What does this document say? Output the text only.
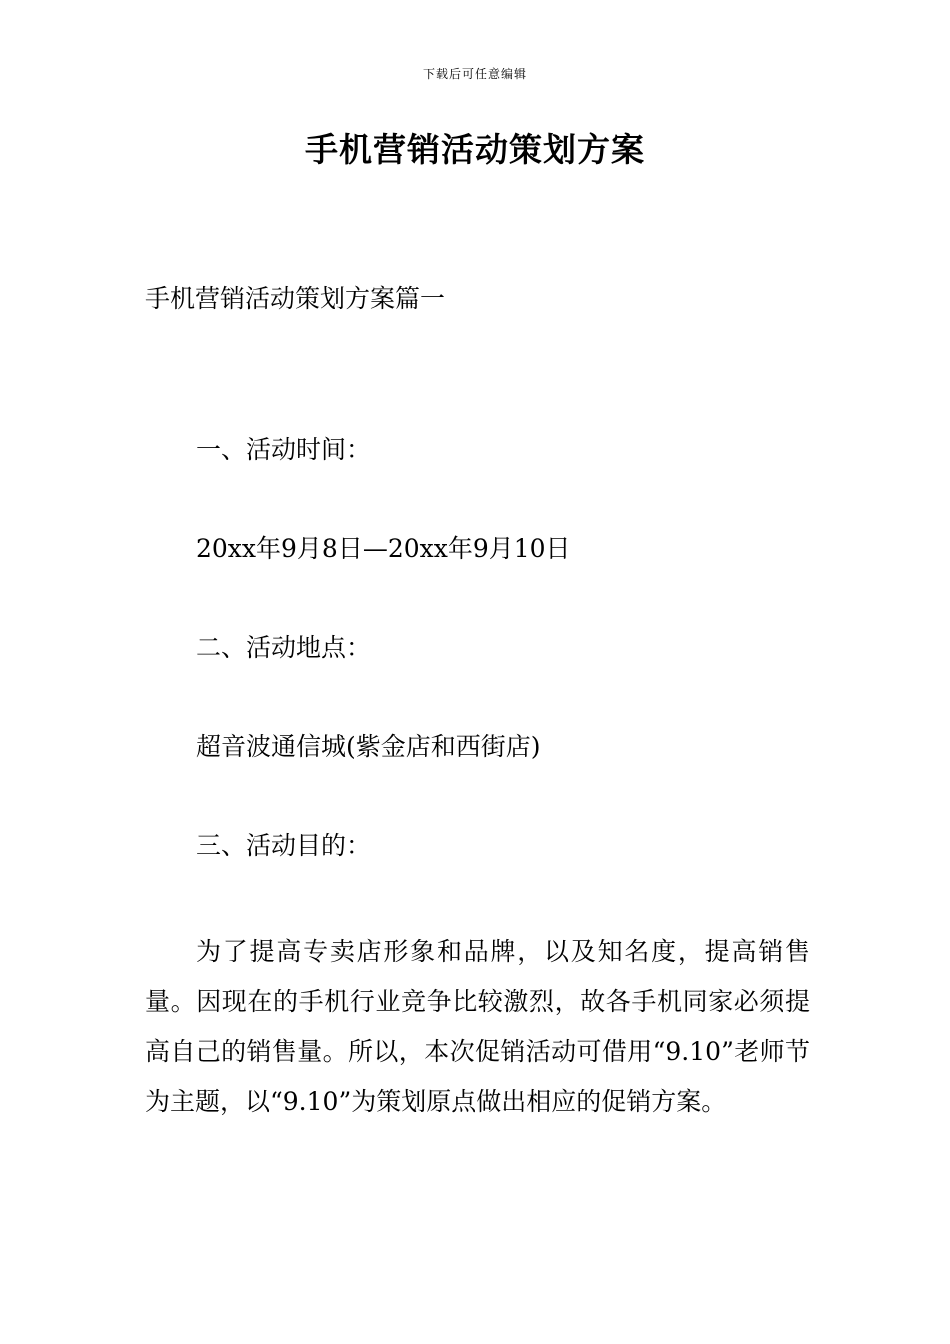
下载后可任意编辑
手机营销活动策划方案

手机营销活动策划方案篇一

一、活动时间：

20xx年9月8日—20xx年9月10日

二、活动地点：

超音波通信城(紫金店和西街店)

三、活动目的：

为了提高专卖店形象和品牌，以及知名度，提高销售量。因现在的手机行业竞争比较激烈，故各手机同家必须提高自己的销售量。所以，本次促销活动可借用“9.10”老师节为主题，以“9.10”为策划原点做出相应的促销方案。
